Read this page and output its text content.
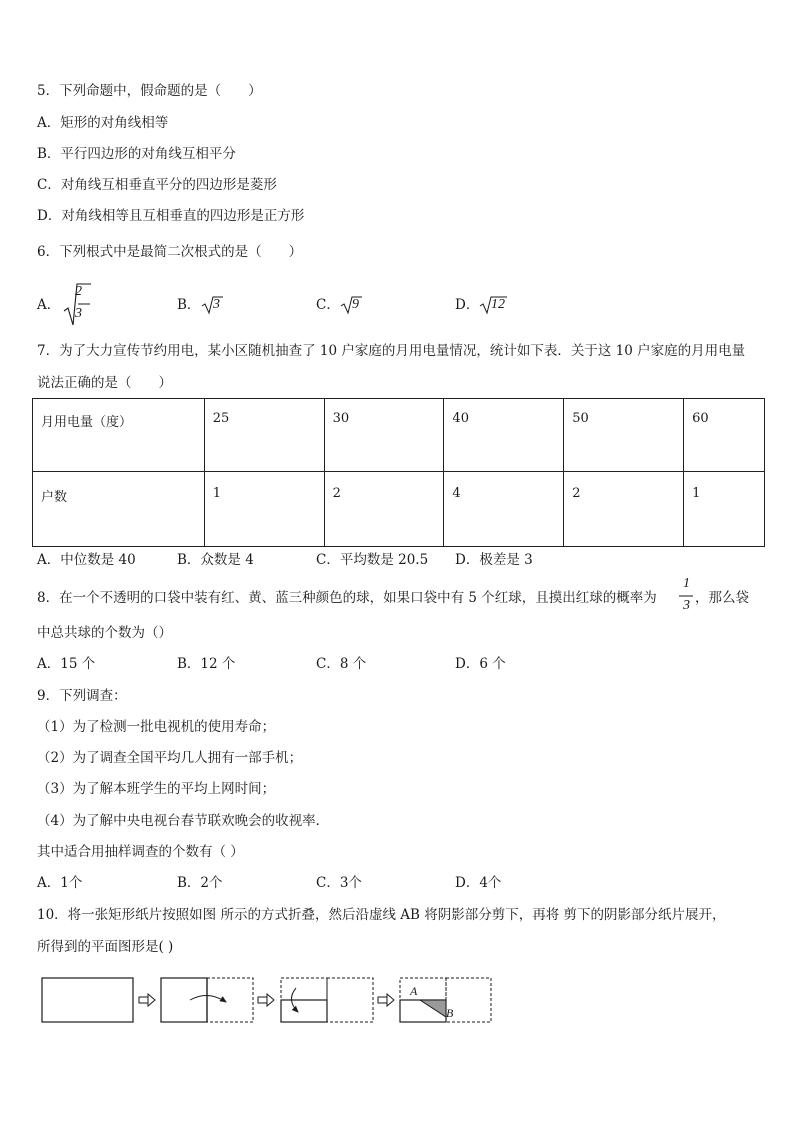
5．下列命题中，假命题的是（　　）
A．矩形的对角线相等
B．平行四边形的对角线互相平分
C．对角线互相垂直平分的四边形是菱形
D．对角线相等且互相垂直的四边形是正方形
6．下列根式中是最简二次根式的是（　　）
A．
2
3
B． 3	C． 9	D． 12
7．为了大力宣传节约用电，某小区随机抽查了 10 户家庭的月用电量情况，统计如下表．关于这 10 户家庭的月用电量
说法正确的是（　　）
月用电量（度）	25	30	40	50	60
户数	1	2	4	2	1
A．中位数是 40	B．众数是 4	C．平均数是 20.5 D．极差是 3
8．在一个不透明的口袋中装有红、黄、蓝三种颜色的球，如果口袋中有 5 个红球，且摸出红球的概率为
1
3 ，那么袋
中总共球的个数为（）
A．15 个	B．12 个	C．8 个	D．6 个
9．下列调查：
（1）为了检测一批电视机的使用寿命；
（2）为了调查全国平均几人拥有一部手机；
（3）为了解本班学生的平均上网时间；
（4）为了解中央电视台春节联欢晚会的收视率．
其中适合用抽样调查的个数有（ ）
A．1个	B．2个	C．3个	D．4个
10．将一张矩形纸片按照如图 所示的方式折叠，然后沿虚线 AB 将阴影部分剪下，再将 剪下的阴影部分纸片展开，
所得到的平面图形是( )
A
B
